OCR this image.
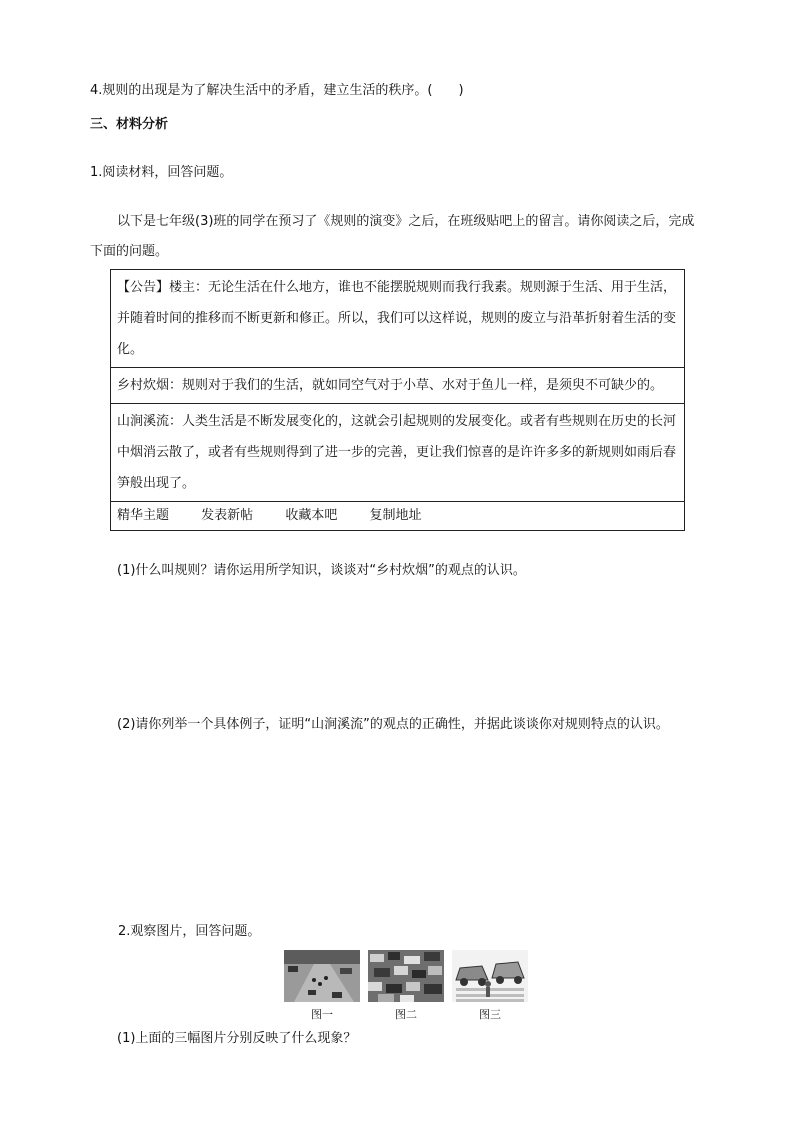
4.规则的出现是为了解决生活中的矛盾，建立生活的秩序。(　　)
三、材料分析
1.阅读材料，回答问题。
以下是七年级(3)班的同学在预习了《规则的演变》之后，在班级贴吧上的留言。请你阅读之后，完成下面的问题。
【公告】楼主：无论生活在什么地方，谁也不能摆脱规则而我行我素。规则源于生活、用于生活，并随着时间的推移而不断更新和修正。所以，我们可以这样说，规则的废立与沿革折射着生活的变化。
乡村炊烟：规则对于我们的生活，就如同空气对于小草、水对于鱼儿一样，是须臾不可缺少的。
山涧溪流：人类生活是不断发展变化的，这就会引起规则的发展变化。或者有些规则在历史的长河中烟消云散了，或者有些规则得到了进一步的完善，更让我们惊喜的是许许多多的新规则如雨后春笋般出现了。
精华主题 发表新帖 收藏本吧 复制地址
(1)什么叫规则？请你运用所学知识，谈谈对“乡村炊烟”的观点的认识。
(2)请你列举一个具体例子，证明“山涧溪流”的观点的正确性，并据此谈谈你对规则特点的认识。
2.观察图片，回答问题。
图一	图二	图三
(1)上面的三幅图片分别反映了什么现象？
